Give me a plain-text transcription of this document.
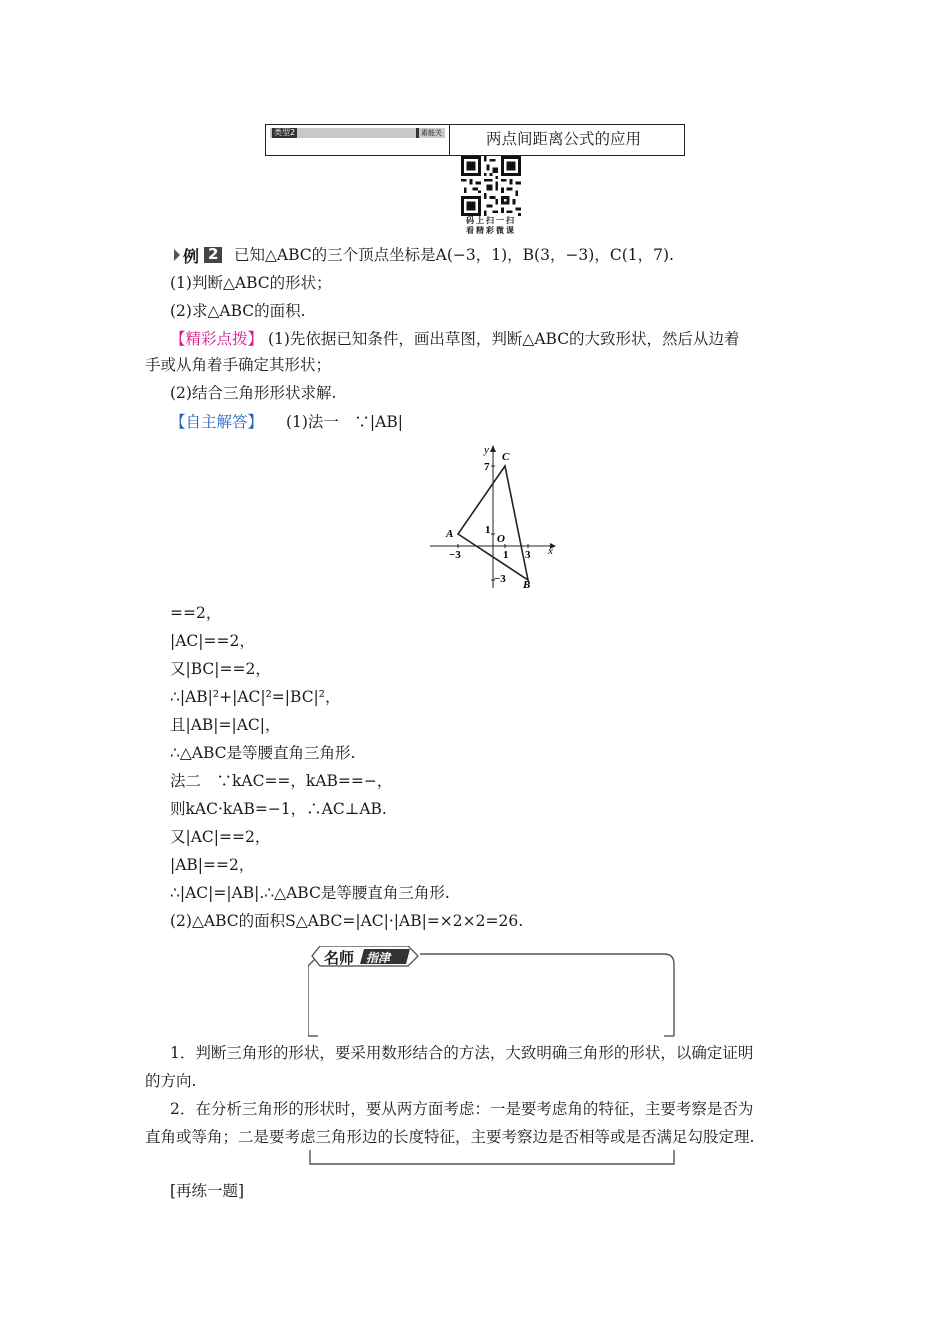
类型2	素能关	两点间距离公式的应用
码上扫一扫
看精彩微课
例 2 已知△ABC的三个顶点坐标是A(−3，1)，B(3，−3)，C(1，7).
(1)判断△ABC的形状；
(2)求△ABC的面积.
【精彩点拨】 (1)先依据已知条件，画出草图，判断△ABC的大致形状，然后从边着
手或从角着手确定其形状；
(2)结合三角形形状求解.
【自主解答】 (1)法一　∵|AB|
y
x
O
A
B
C
7
1
−3
−3	1 3
==2，
|AC|==2，
又|BC|==2，
∴|AB|²+|AC|²=|BC|²，
且|AB|=|AC|，
∴△ABC是等腰直角三角形.
法二　∵kAC==，kAB==−，
则kAC·kAB=−1，∴AC⊥AB.
又|AC|==2，
|AB|==2，
∴|AC|=|AB|.∴△ABC是等腰直角三角形.
(2)△ABC的面积S△ABC=|AC|·|AB|=×2×2=26.
名师 指津
1．判断三角形的形状，要采用数形结合的方法，大致明确三角形的形状，以确定证明
的方向.
2．在分析三角形的形状时，要从两方面考虑：一是要考虑角的特征，主要考察是否为
直角或等角；二是要考虑三角形边的长度特征，主要考察边是否相等或是否满足勾股定理.
[再练一题]
